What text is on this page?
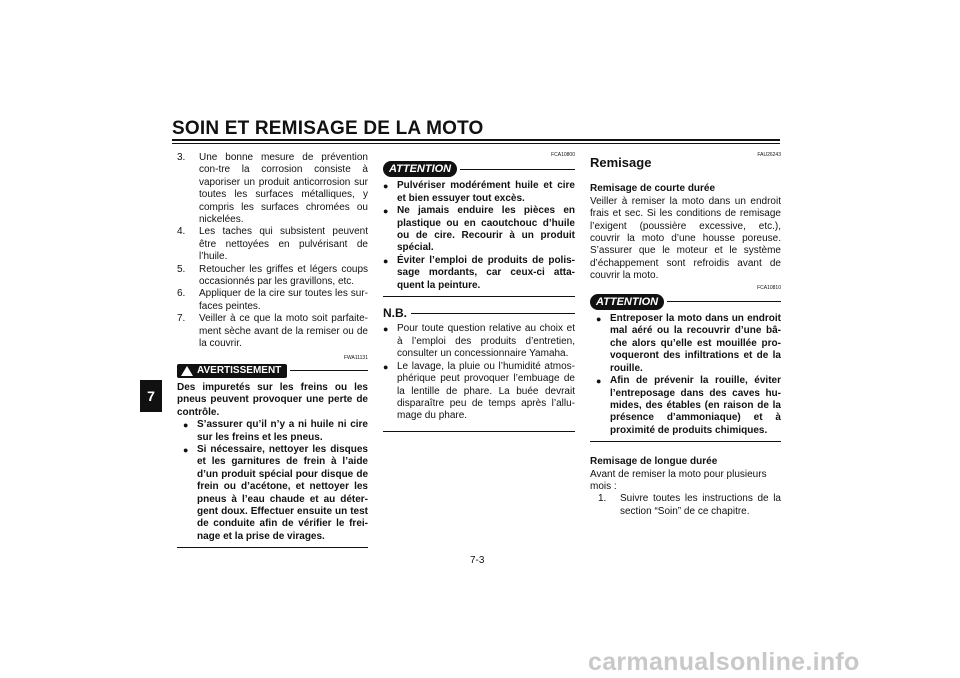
SOIN ET REMISAGE DE LA MOTO
7
3.	Une bonne mesure de prévention con-tre la corrosion consiste à vaporiser un produit anticorrosion sur toutes les surfaces métalliques, y compris les surfaces chromées ou nickelées.
4.	Les taches qui subsistent peuvent être nettoyées en pulvérisant de l’huile.
5.	Retoucher les griffes et légers coups occasionnés par les gravillons, etc.
6.	Appliquer de la cire sur toutes les sur-faces peintes.
7.	Veiller à ce que la moto soit parfaite-ment sèche avant de la remiser ou de la couvrir.
FWA11131
AVERTISSEMENT
Des impuretés sur les freins ou les pneus peuvent provoquer une perte de contrôle.
● S’assurer qu’il n’y a ni huile ni cire sur les freins et les pneus.
● Si nécessaire, nettoyer les disques et les garnitures de frein à l’aide d’un produit spécial pour disque de frein ou d’acétone, et nettoyer les pneus à l’eau chaude et au déter-gent doux. Effectuer ensuite un test de conduite afin de vérifier le frei-nage et la prise de virages.
FCA10800
ATTENTION
● Pulvériser modérément huile et cire et bien essuyer tout excès.
● Ne jamais enduire les pièces en plastique ou en caoutchouc d’huile ou de cire. Recourir à un produit spécial.
● Éviter l’emploi de produits de polis-sage mordants, car ceux-ci atta-quent la peinture.
N.B.
● Pour toute question relative au choix et à l’emploi des produits d’entretien, consulter un concessionnaire Yamaha.
● Le lavage, la pluie ou l’humidité atmos-phérique peut provoquer l’embuage de la lentille de phare. La buée devrait disparaître peu de temps après l’allu-mage du phare.
FAU26243
Remisage
Remisage de courte durée
Veiller à remiser la moto dans un endroit frais et sec. Si les conditions de remisage l’exigent (poussière excessive, etc.), couvrir la moto d’une housse poreuse. S’assurer que le moteur et le système d’échappement sont refroidis avant de couvrir la moto.
FCA10810
ATTENTION
● Entreposer la moto dans un endroit mal aéré ou la recouvrir d’une bâ-che alors qu’elle est mouillée pro-voqueront des infiltrations et de la rouille.
● Afin de prévenir la rouille, éviter l’entreposage dans des caves hu-mides, des étables (en raison de la présence d’ammoniaque) et à proximité de produits chimiques.
Remisage de longue durée
Avant de remiser la moto pour plusieurs mois :
1.	Suivre toutes les instructions de la section “Soin” de ce chapitre.
7-3
carmanualsonline.info
